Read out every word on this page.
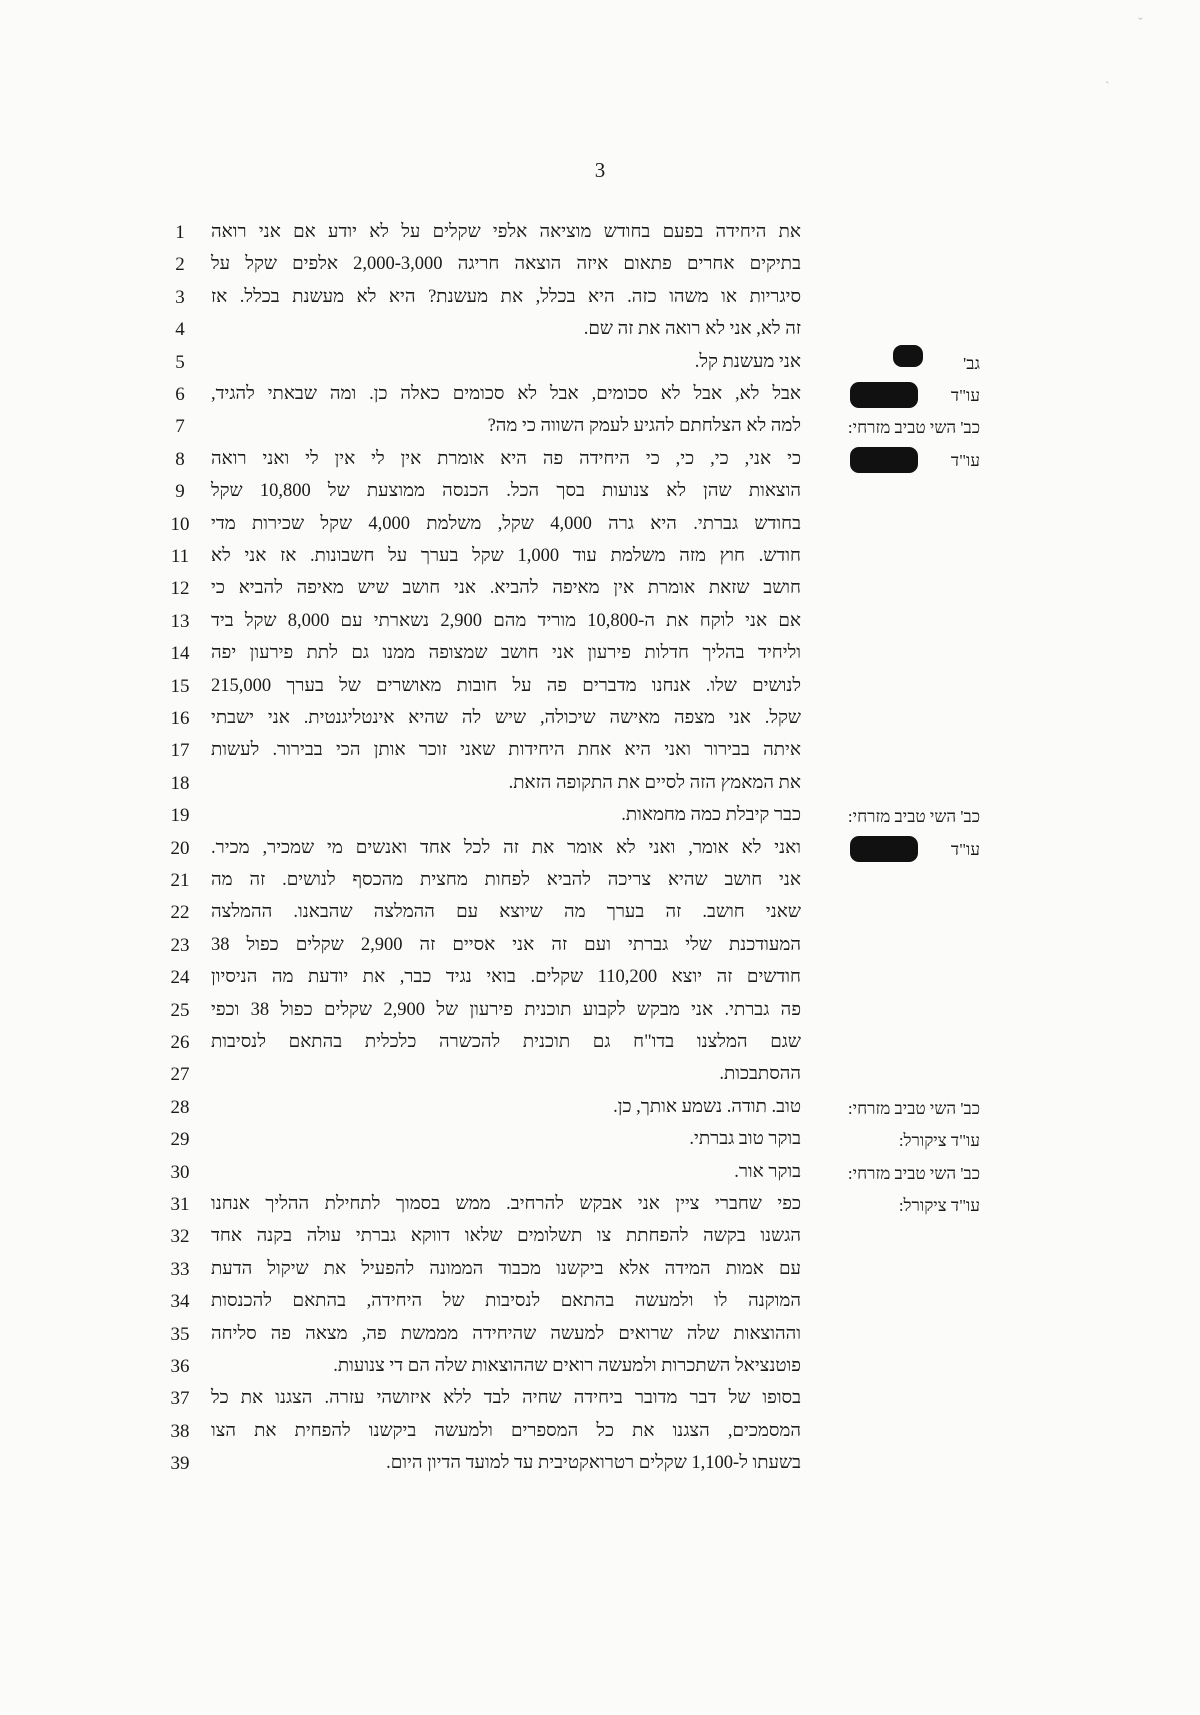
3
1	את היחידה בפעם בחודש מוציאה אלפי שקלים על לא יודע אם אני רואה
2	בתיקים אחרים פתאום איזה הוצאה חריגה 2,000-3,000 אלפים שקל על
3	סיגריות או משהו כזה. היא בכלל, את מעשנת? היא לא מעשנת בכלל. אז
4	זה לא, אני לא רואה את זה שם.
5	אני מעשנת קל.	גב'
6	אבל לא, אבל לא סכומים, אבל לא סכומים כאלה כן. ומה שבאתי להגיד,	עו"ד
7	למה לא הצלחתם להגיע לעמק השווה כי מה?	כב' השי טביב מזרחי:
8	כי אני, כי, כי, כי היחידה פה היא אומרת אין לי אין לי ואני רואה	עו"ד
9	הוצאות שהן לא צנועות בסך הכל. הכנסה ממוצעת של 10,800 שקל
10	בחודש גברתי. היא גרה 4,000 שקל, משלמת 4,000 שקל שכירות מדי
11	חודש. חוץ מזה משלמת עוד 1,000 שקל בערך על חשבונות. אז אני לא
12	חושב שזאת אומרת אין מאיפה להביא. אני חושב שיש מאיפה להביא כי
13	אם אני לוקח את ה-10,800 מוריד מהם 2,900 נשארתי עם 8,000 שקל ביד
14	וליחיד בהליך חדלות פירעון אני חושב שמצופה ממנו גם לתת פירעון יפה
15	לנושים שלו. אנחנו מדברים פה על חובות מאושרים של בערך 215,000
16	שקל. אני מצפה מאישה שיכולה, שיש לה שהיא אינטליגנטית. אני ישבתי
17	איתה בבירור ואני היא אחת היחידות שאני זוכר אותן הכי בבירור. לעשות
18	את המאמץ הזה לסיים את התקופה הזאת.
19	כבר קיבלת כמה מחמאות.	כב' השי טביב מזרחי:
20	ואני לא אומר, ואני לא אומר את זה לכל אחד ואנשים מי שמכיר, מכיר.	עו"ד
21	אני חושב שהיא צריכה להביא לפחות מחצית מהכסף לנושים. זה מה
22	שאני חושב. זה בערך מה שיוצא עם ההמלצה שהבאנו. ההמלצה
23	המעודכנת שלי גברתי ועם זה אני אסיים זה 2,900 שקלים כפול 38
24	חודשים זה יוצא 110,200 שקלים. בואי נגיד כבר, את יודעת מה הניסיון
25	פה גברתי. אני מבקש לקבוע תוכנית פירעון של 2,900 שקלים כפול 38 וכפי
26	שגם המלצנו בדו"ח גם תוכנית להכשרה כלכלית בהתאם לנסיבות
27	ההסתבכות.
28	טוב. תודה. נשמע אותך, כן.	כב' השי טביב מזרחי:
29	בוקר טוב גברתי.	עו"ד ציקורל:
30	בוקר אור.	כב' השי טביב מזרחי:
31	כפי שחברי ציין אני אבקש להרחיב. ממש בסמוך לתחילת ההליך אנחנו	עו"ד ציקורל:
32	הגשנו בקשה להפחתת צו תשלומים שלאו דווקא גברתי עולה בקנה אחד
33	עם אמות המידה אלא ביקשנו מכבוד הממונה להפעיל את שיקול הדעת
34	המוקנה לו ולמעשה בהתאם לנסיבות של היחידה, בהתאם להכנסות
35	וההוצאות שלה שרואים למעשה שהיחידה מממשת פה, מצאה פה סליחה
36	פוטנציאל השתכרות ולמעשה רואים שההוצאות שלה הם די צנועות.
37	בסופו של דבר מדובר ביחידה שחיה לבד ללא איזושהי עזרה. הצגנו את כל
38	המסמכים, הצגנו את כל המספרים ולמעשה ביקשנו להפחית את הצו
39	בשעתו ל-1,100 שקלים רטרואקטיבית עד למועד הדיון היום.
ˇ
ˋ
